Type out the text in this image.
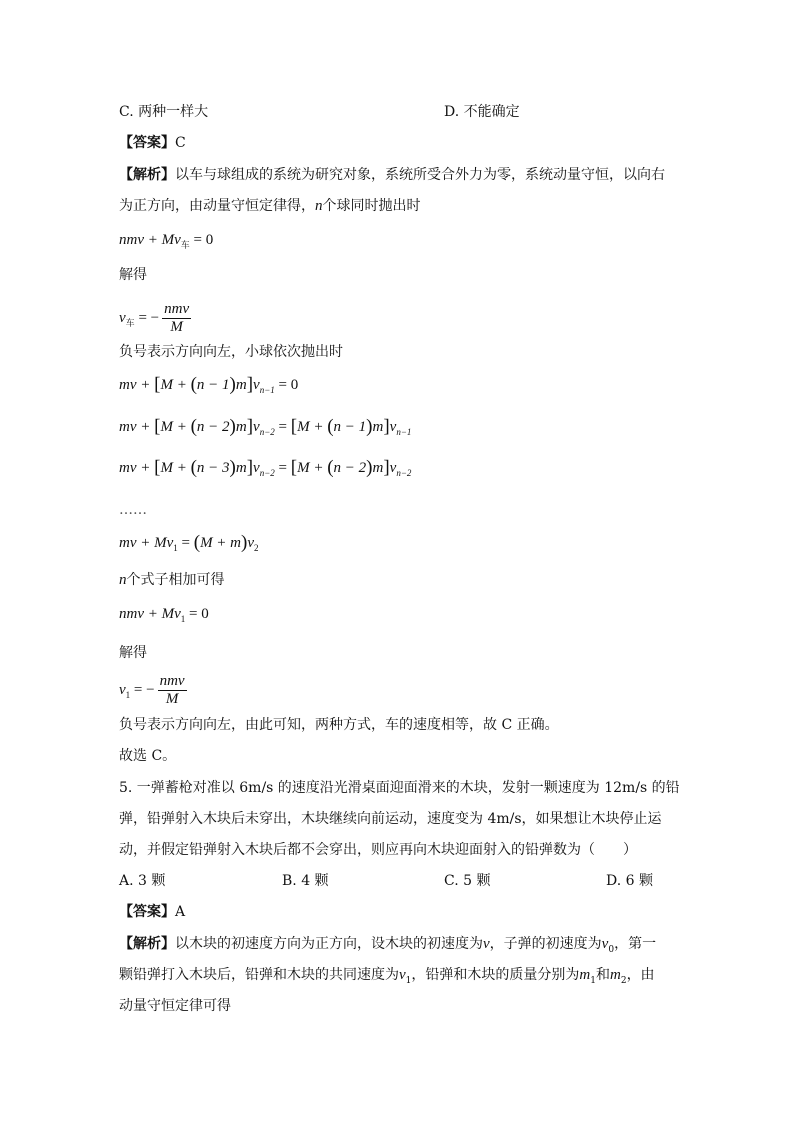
C. 两种一样大	D. 不能确定
【答案】C
【解析】以车与球组成的系统为研究对象，系统所受合外力为零，系统动量守恒，以向右
为正方向，由动量守恒定律得，n个球同时抛出时
nmv + $Mv_车 = 0$
解得
$v_车$ = − $\frac{\text{nmv}}{M}$
负号表示方向向左，小球依次抛出时
mv + $[M + (n - 1)m]v_{n-1} = 0$
mv + $[M + (n - 2)m]v_{n-2} = [M + (n - 1)m]v_{n-1}$
mv + $[M + (n - 3)m]v_{n-2} = [M + (n - 2)m]v_{n-2}$
……
mv + $Mv_1 = (M + m)v_2$
n个式子相加可得
nmv + $Mv_1 = 0$
解得
$v_1$ = − $\frac{\text{nmv}}{M}$
负号表示方向向左，由此可知，两种方式，车的速度相等，故 C 正确。
故选 C。
5. 一弹蓄枪对准以 6m/s 的速度沿光滑桌面迎面滑来的木块，发射一颗速度为 12m/s 的铅
弹，铅弹射入木块后未穿出，木块继续向前运动，速度变为 4m/s，如果想让木块停止运
动，并假定铅弹射入木块后都不会穿出，则应再向木块迎面射入的铅弹数为（　　）
A. 3 颗	B. 4 颗	C. 5 颗	D. 6 颗
【答案】A
【解析】以木块的初速度方向为正方向，设木块的初速度为v，子弹的初速度为$v_0$，第一
颗铅弹打入木块后，铅弹和木块的共同速度为$v_1$，铅弹和木块的质量分别为$m_1$和$m_2$，由
动量守恒定律可得
